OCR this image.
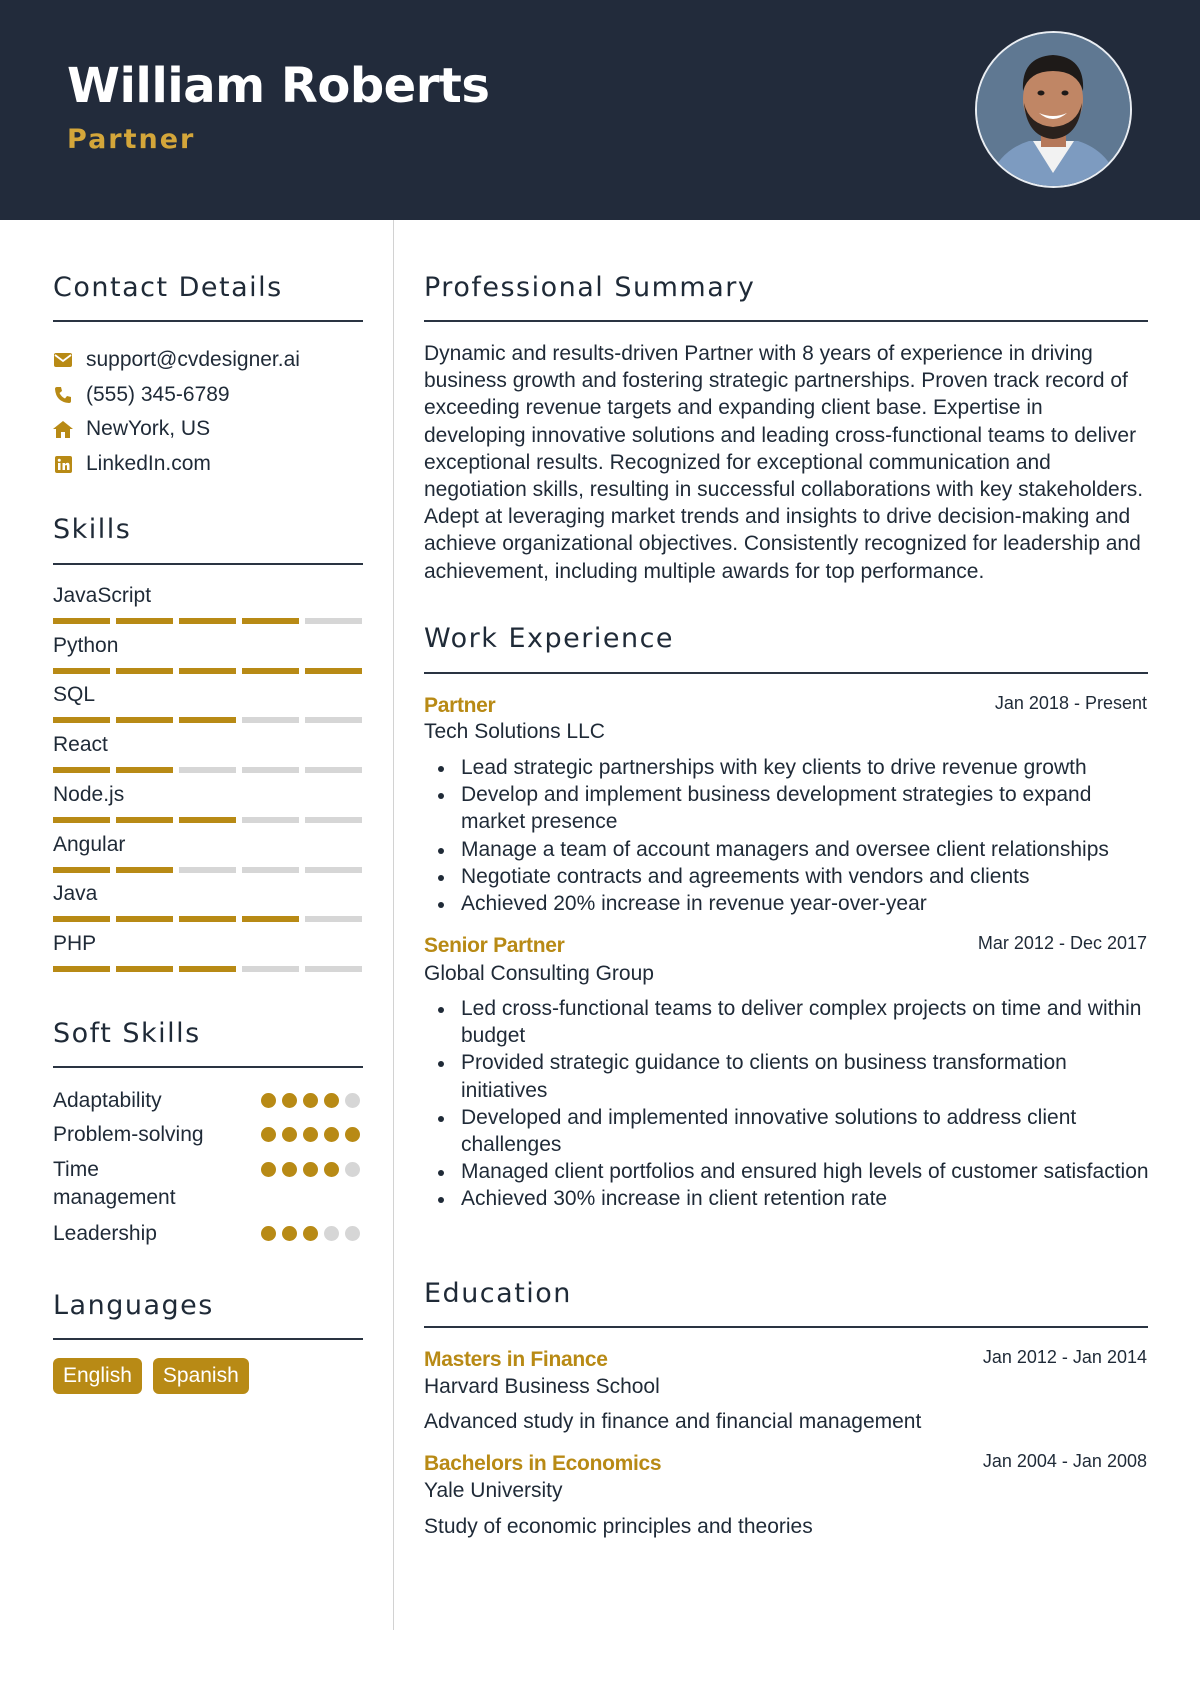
William Roberts
Partner
Contact Details
support@cvdesigner.ai
(555) 345-6789
NewYork, US
LinkedIn.com
Skills
JavaScript
Python
SQL
React
Node.js
Angular
Java
PHP
Soft Skills
Adaptability
Problem-solving
Time management
Leadership
Languages
English	Spanish
Professional Summary

Dynamic and results-driven Partner with 8 years of experience in driving business growth and fostering strategic partnerships. Proven track record of exceeding revenue targets and expanding client base. Expertise in developing innovative solutions and leading cross-functional teams to deliver exceptional results. Recognized for exceptional communication and negotiation skills, resulting in successful collaborations with key stakeholders. Adept at leveraging market trends and insights to drive decision-making and achieve organizational objectives. Consistently recognized for leadership and achievement, including multiple awards for top performance.

Work Experience
Partner	Jan 2018 - Present
Tech Solutions LLC
Lead strategic partnerships with key clients to drive revenue growth
Develop and implement business development strategies to expand market presence
Manage a team of account managers and oversee client relationships
Negotiate contracts and agreements with vendors and clients
Achieved 20% increase in revenue year-over-year
Senior Partner	Mar 2012 - Dec 2017
Global Consulting Group
Led cross-functional teams to deliver complex projects on time and within budget
Provided strategic guidance to clients on business transformation initiatives
Developed and implemented innovative solutions to address client challenges
Managed client portfolios and ensured high levels of customer satisfaction
Achieved 30% increase in client retention rate
Education
Masters in Finance	Jan 2012 - Jan 2014
Harvard Business School
Advanced study in finance and financial management
Bachelors in Economics	Jan 2004 - Jan 2008
Yale University
Study of economic principles and theories
